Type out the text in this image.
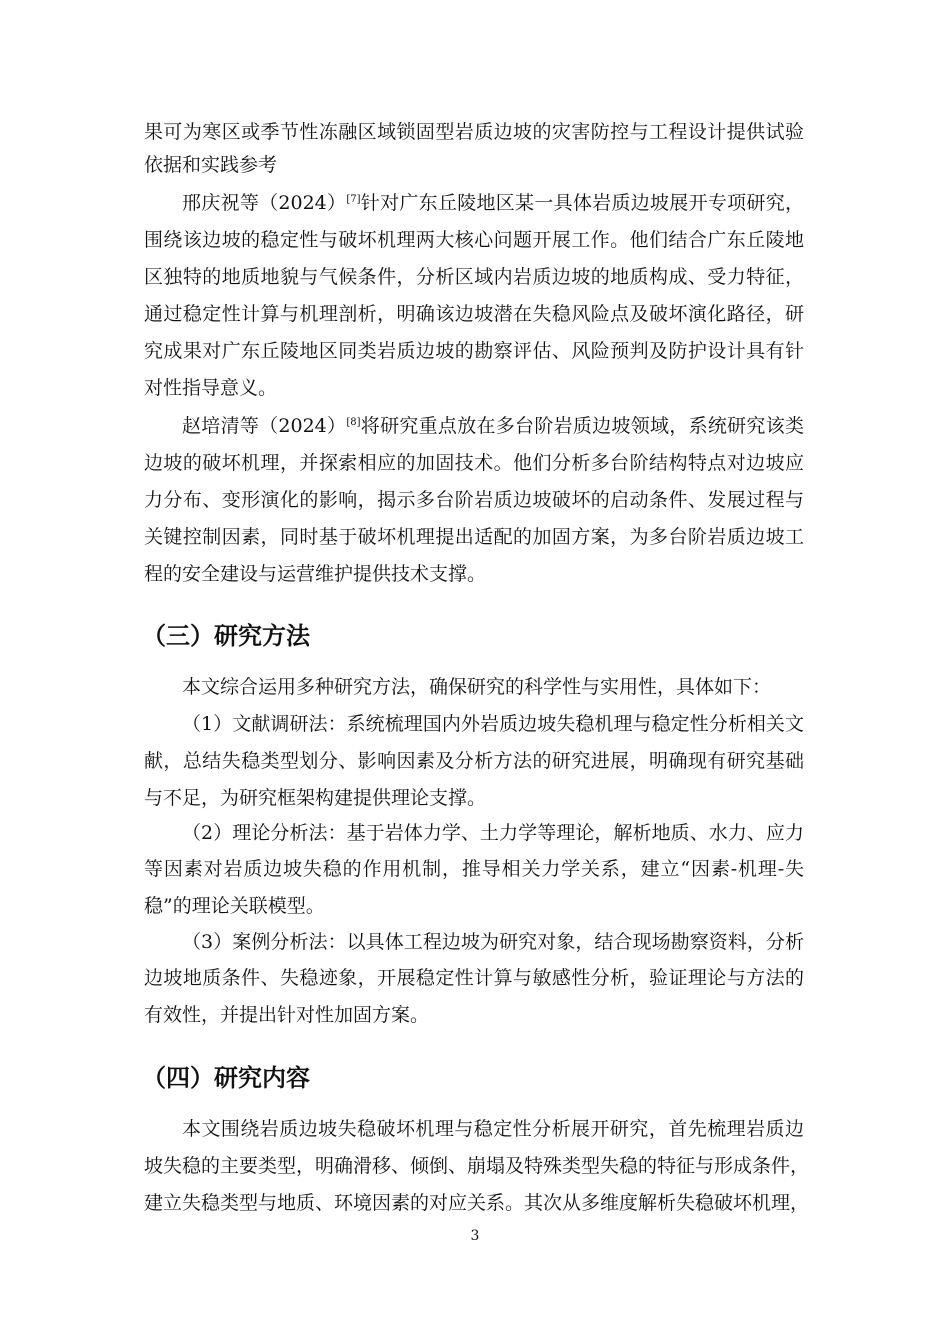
果可为寒区或季节性冻融区域锁固型岩质边坡的灾害防控与工程设计提供试验
依据和实践参考
邢庆祝等（2024）[7]针对广东丘陵地区某一具体岩质边坡展开专项研究，
围绕该边坡的稳定性与破坏机理两大核心问题开展工作。他们结合广东丘陵地
区独特的地质地貌与气候条件，分析区域内岩质边坡的地质构成、受力特征，
通过稳定性计算与机理剖析，明确该边坡潜在失稳风险点及破坏演化路径，研
究成果对广东丘陵地区同类岩质边坡的勘察评估、风险预判及防护设计具有针
对性指导意义。
赵培清等（2024）[8]将研究重点放在多台阶岩质边坡领域，系统研究该类
边坡的破坏机理，并探索相应的加固技术。他们分析多台阶结构特点对边坡应
力分布、变形演化的影响，揭示多台阶岩质边坡破坏的启动条件、发展过程与
关键控制因素，同时基于破坏机理提出适配的加固方案，为多台阶岩质边坡工
程的安全建设与运营维护提供技术支撑。
（三）研究方法
本文综合运用多种研究方法，确保研究的科学性与实用性，具体如下：
（1）文献调研法：系统梳理国内外岩质边坡失稳机理与稳定性分析相关文
献，总结失稳类型划分、影响因素及分析方法的研究进展，明确现有研究基础
与不足，为研究框架构建提供理论支撑。
（2）理论分析法：基于岩体力学、土力学等理论，解析地质、水力、应力
等因素对岩质边坡失稳的作用机制，推导相关力学关系，建立“因素-机理-失
稳”的理论关联模型。
（3）案例分析法：以具体工程边坡为研究对象，结合现场勘察资料，分析
边坡地质条件、失稳迹象，开展稳定性计算与敏感性分析，验证理论与方法的
有效性，并提出针对性加固方案。
（四）研究内容
本文围绕岩质边坡失稳破坏机理与稳定性分析展开研究，首先梳理岩质边
坡失稳的主要类型，明确滑移、倾倒、崩塌及特殊类型失稳的特征与形成条件，
建立失稳类型与地质、环境因素的对应关系。其次从多维度解析失稳破坏机理，
3
